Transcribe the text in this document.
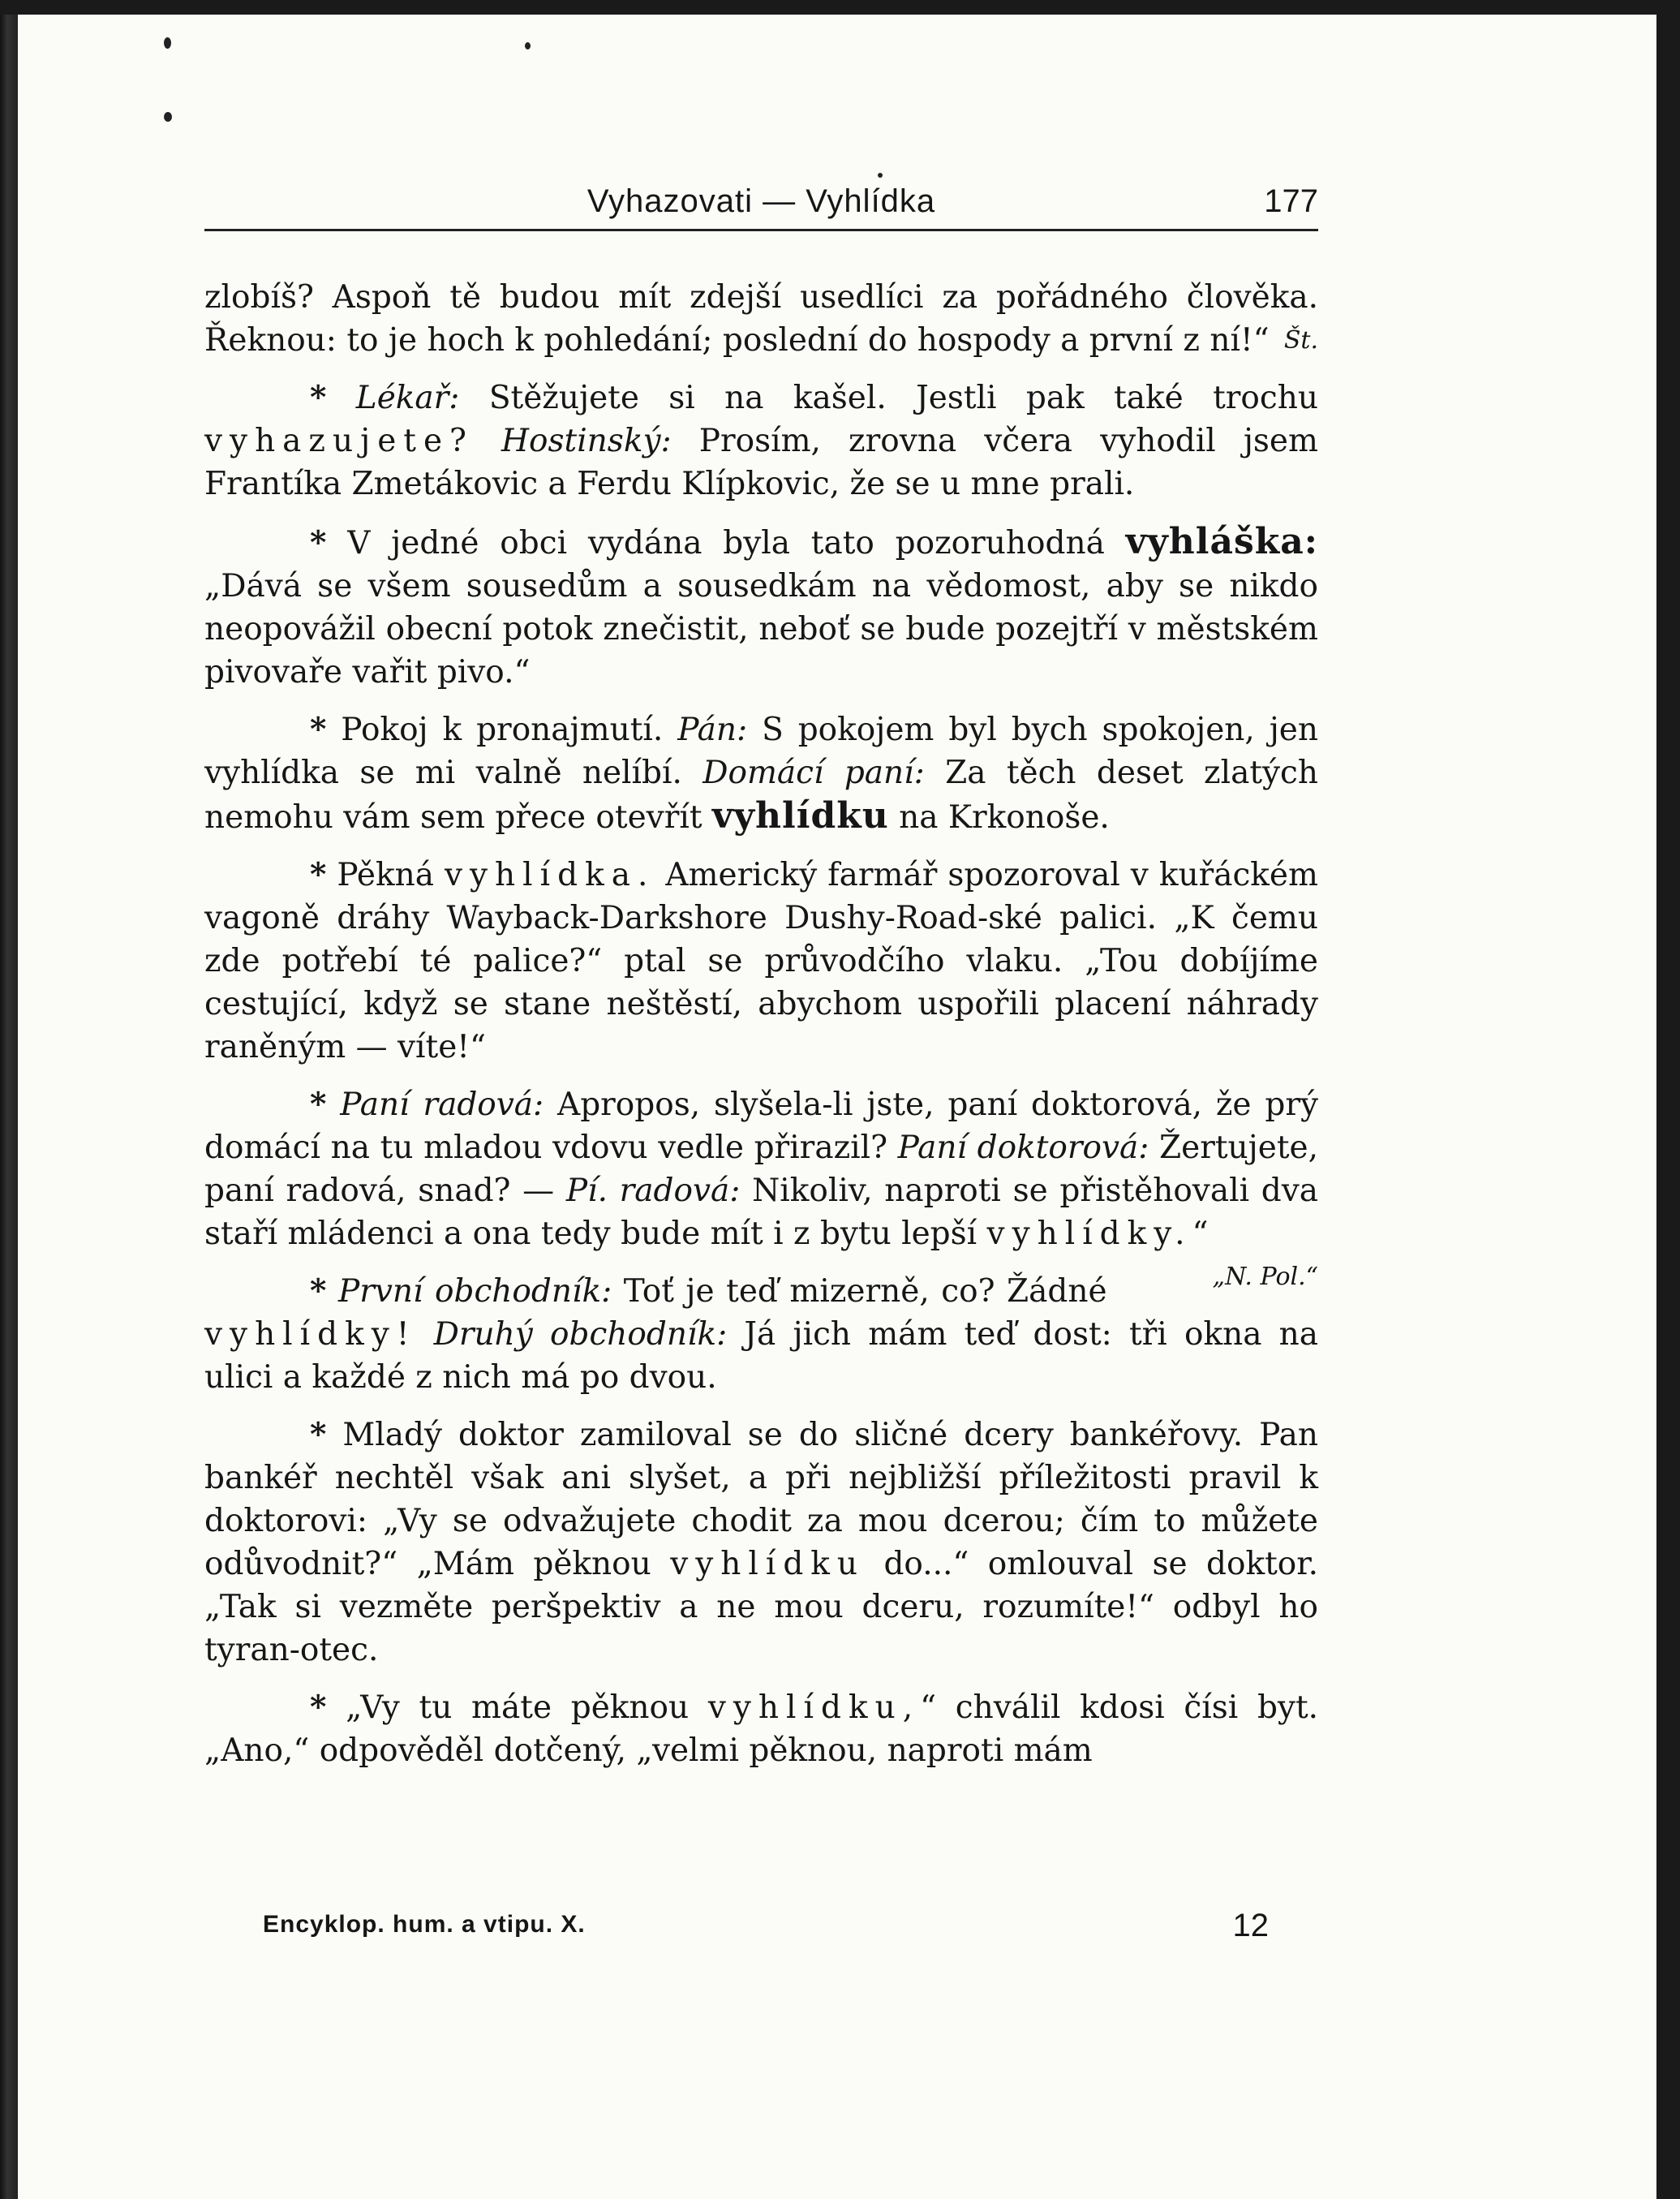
Vyhazovati — Vyhlídka	177

zlobíš? Aspoň tě budou mít zdejší usedlíci za pořádného člověka. Řeknou: to je hoch k pohledání; poslední do hospody a první z ní!“ Št.

* Lékař: Stěžujete si na kašel. Jestli pak také trochu vyhazujete? Hostinský: Prosím, zrovna včera vyhodil jsem Frantíka Zmetákovic a Ferdu Klípkovic, že se u mne prali.

* V jedné obci vydána byla tato pozoruhodná vyhláška: „Dává se všem sousedům a sousedkám na vědomost, aby se nikdo neopovážil obecní potok znečistit, neboť se bude pozejtří v městském pivovaře vařit pivo.“

* Pokoj k pronajmutí. Pán: S pokojem byl bych spokojen, jen vyhlídka se mi valně nelíbí. Domácí paní: Za těch deset zlatých nemohu vám sem přece otevřít vyhlídku na Krkonoše.

* Pěkná vyhlídka. Americký farmář spozoroval v kuřáckém vagoně dráhy Wayback-Darkshore Dushy-Road-ské palici. „K čemu zde potřebí té palice?“ ptal se průvodčího vlaku. „Tou dobíjíme cestující, když se stane neštěstí, abychom uspořili placení náhrady raněným — víte!“

* Paní radová: Apropos, slyšela-li jste, paní doktorová, že prý domácí na tu mladou vdovu vedle přirazil? Paní doktorová: Žertujete, paní radová, snad? — Pí. radová: Nikoliv, naproti se přistěhovali dva staří mládenci a ona tedy bude mít i z bytu lepší vyhlídky.“
„N. Pol.“

* První obchodník: Toť je teď mizerně, co? Žádné vyhlídky! Druhý obchodník: Já jich mám teď dost: tři okna na ulici a každé z nich má po dvou.

* Mladý doktor zamiloval se do sličné dcery bankéřovy. Pan bankéř nechtěl však ani slyšet, a při nejbližší příležitosti pravil k doktorovi: „Vy se odvažujete chodit za mou dcerou; čím to můžete odůvodnit?“ „Mám pěknou vyhlídku do...“ omlouval se doktor. „Tak si vezměte peršpektiv a ne mou dceru, rozumíte!“ odbyl ho tyran-otec.

* „Vy tu máte pěknou vyhlídku,“ chválil kdosi čísi byt. „Ano,“ odpověděl dotčený, „velmi pěknou, naproti mám

Encyklop. hum. a vtipu. X.	12
